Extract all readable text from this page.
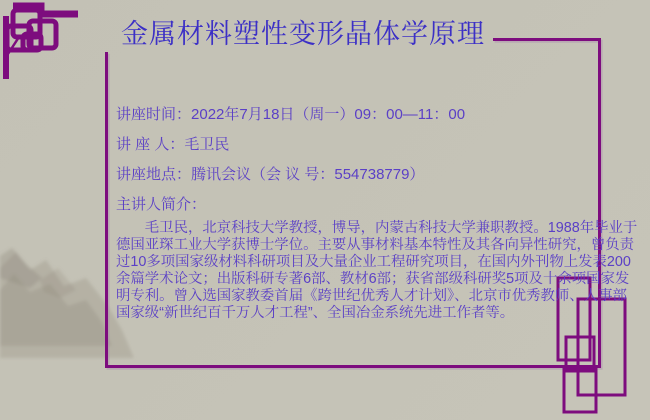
金属材料塑性变形晶体学原理
讲座时间：2022年7月18日（周一）09：00—11：00
讲 座 人：毛卫民
讲座地点：腾讯会议（会 议 号：554738779）
主讲人简介：
　　毛卫民，北京科技大学教授，博导，内蒙古科技大学兼职教授。1988年毕业于
德国亚琛工业大学获博士学位。主要从事材料基本特性及其各向异性研究，曾负责
过10多项国家级材料科研项目及大量企业工程研究项目，在国内外刊物上发表200
余篇学术论文；出版科研专著6部、教材6部；获省部级科研奖5项及十余项国家发
明专利。曾入选国家教委首届《跨世纪优秀人才计划》、北京市优秀教师、人事部
国家级“新世纪百千万人才工程”、全国冶金系统先进工作者等。
